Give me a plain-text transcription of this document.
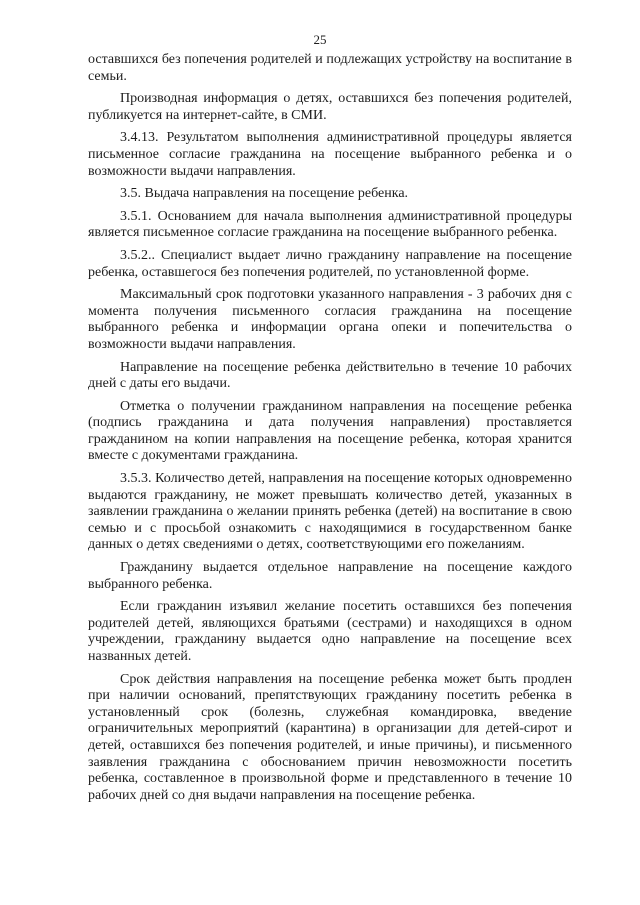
25

оставшихся без попечения родителей и подлежащих устройству на воспитание в семьи.

Производная информация о детях, оставшихся без попечения родителей, публикуется на интернет-сайте, в СМИ.

3.4.13. Результатом выполнения административной процедуры является письменное согласие гражданина на посещение выбранного ребенка и о возможности выдачи направления.

3.5. Выдача направления на посещение ребенка.

3.5.1. Основанием для начала выполнения административной процедуры является письменное согласие гражданина на посещение выбранного ребенка.

3.5.2.. Специалист выдает лично гражданину направление на посещение ребенка, оставшегося без попечения родителей, по установленной форме.

Максимальный срок подготовки указанного направления - 3 рабочих дня с момента получения письменного согласия гражданина на посещение выбранного ребенка и информации органа опеки и попечительства о возможности выдачи направления.

Направление на посещение ребенка действительно в течение 10 рабочих дней с даты его выдачи.

Отметка о получении гражданином направления на посещение ребенка (подпись гражданина и дата получения направления) проставляется гражданином на копии направления на посещение ребенка, которая хранится вместе с документами гражданина.

3.5.3. Количество детей, направления на посещение которых одновременно выдаются гражданину, не может превышать количество детей, указанных в заявлении гражданина о желании принять ребенка (детей) на воспитание в свою семью и с просьбой ознакомить с находящимися в государственном банке данных о детях сведениями о детях, соответствующими его пожеланиям.

Гражданину выдается отдельное направление на посещение каждого выбранного ребенка.

Если гражданин изъявил желание посетить оставшихся без попечения родителей детей, являющихся братьями (сестрами) и находящихся в одном учреждении, гражданину выдается одно направление на посещение всех названных детей.

Срок действия направления на посещение ребенка может быть продлен при наличии оснований, препятствующих гражданину посетить ребенка в установленный срок (болезнь, служебная командировка, введение ограничительных мероприятий (карантина) в организации для детей-сирот и детей, оставшихся без попечения родителей, и иные причины), и письменного заявления гражданина с обоснованием причин невозможности посетить ребенка, составленное в произвольной форме и представленного в течение 10 рабочих дней со дня выдачи направления на посещение ребенка.
